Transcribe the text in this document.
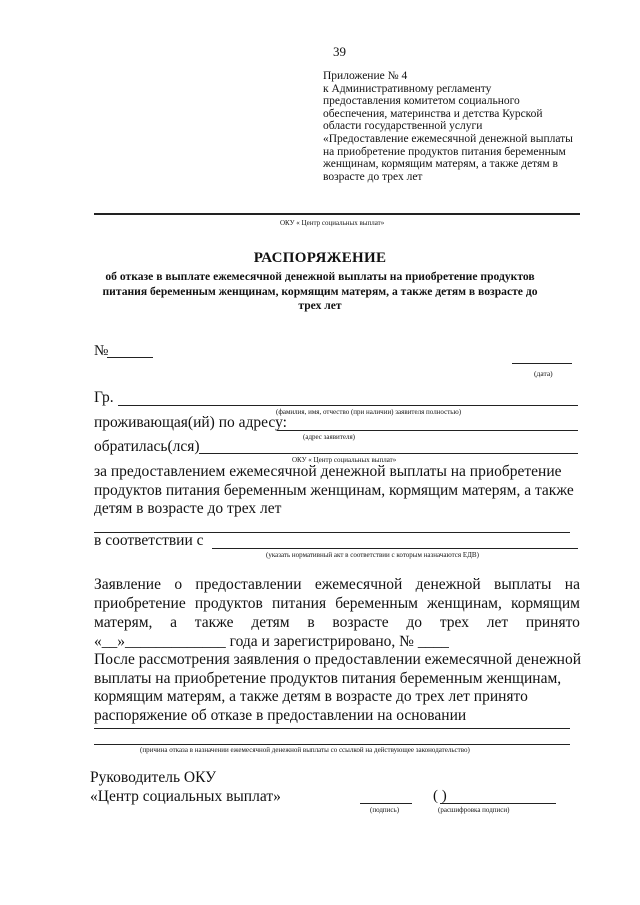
39
Приложение № 4
к Административному регламенту
предоставления комитетом социального
обеспечения, материнства и детства Курской
области государственной услуги
«Предоставление ежемесячной денежной выплаты
на приобретение продуктов питания беременным
женщинам, кормящим матерям, а также детям в
возрасте до трех лет
ОКУ « Центр социальных выплат»
РАСПОРЯЖЕНИЕ
об отказе в выплате ежемесячной денежной выплаты на приобретение продуктов
питания беременным женщинам, кормящим матерям, а также детям в возрасте до
трех лет
№
(дата)
Гр.
(фамилия, имя, отчество (при наличии) заявителя полностью)
проживающая(ий) по адресу:
(адрес заявителя)
обратилась(лся)
ОКУ « Центр социальных выплат»
за предоставлением ежемесячной денежной выплаты на приобретение
продуктов питания беременным женщинам, кормящим матерям, а также
детям в возрасте до трех лет
в соответствии с
(указать нормативный акт в соответствии с которым назначаются ЕДВ)
Заявление о предоставлении ежемесячной денежной выплаты на
приобретение продуктов питания беременным женщинам, кормящим
матерям, а также детям в возрасте до трех лет принято
«__»_____________ года и зарегистрировано, № ____
После рассмотрения заявления о предоставлении ежемесячной денежной
выплаты на приобретение продуктов питания беременным женщинам,
кормящим матерям, а также детям в возрасте до трех лет принято
распоряжение об отказе в предоставлении на основании
(причина отказа в назначении ежемесячной денежной выплаты со ссылкой на действующее законодательство)
Руководитель ОКУ
«Центр социальных выплат»	( )
(подпись)	(расшифровка подписи)
